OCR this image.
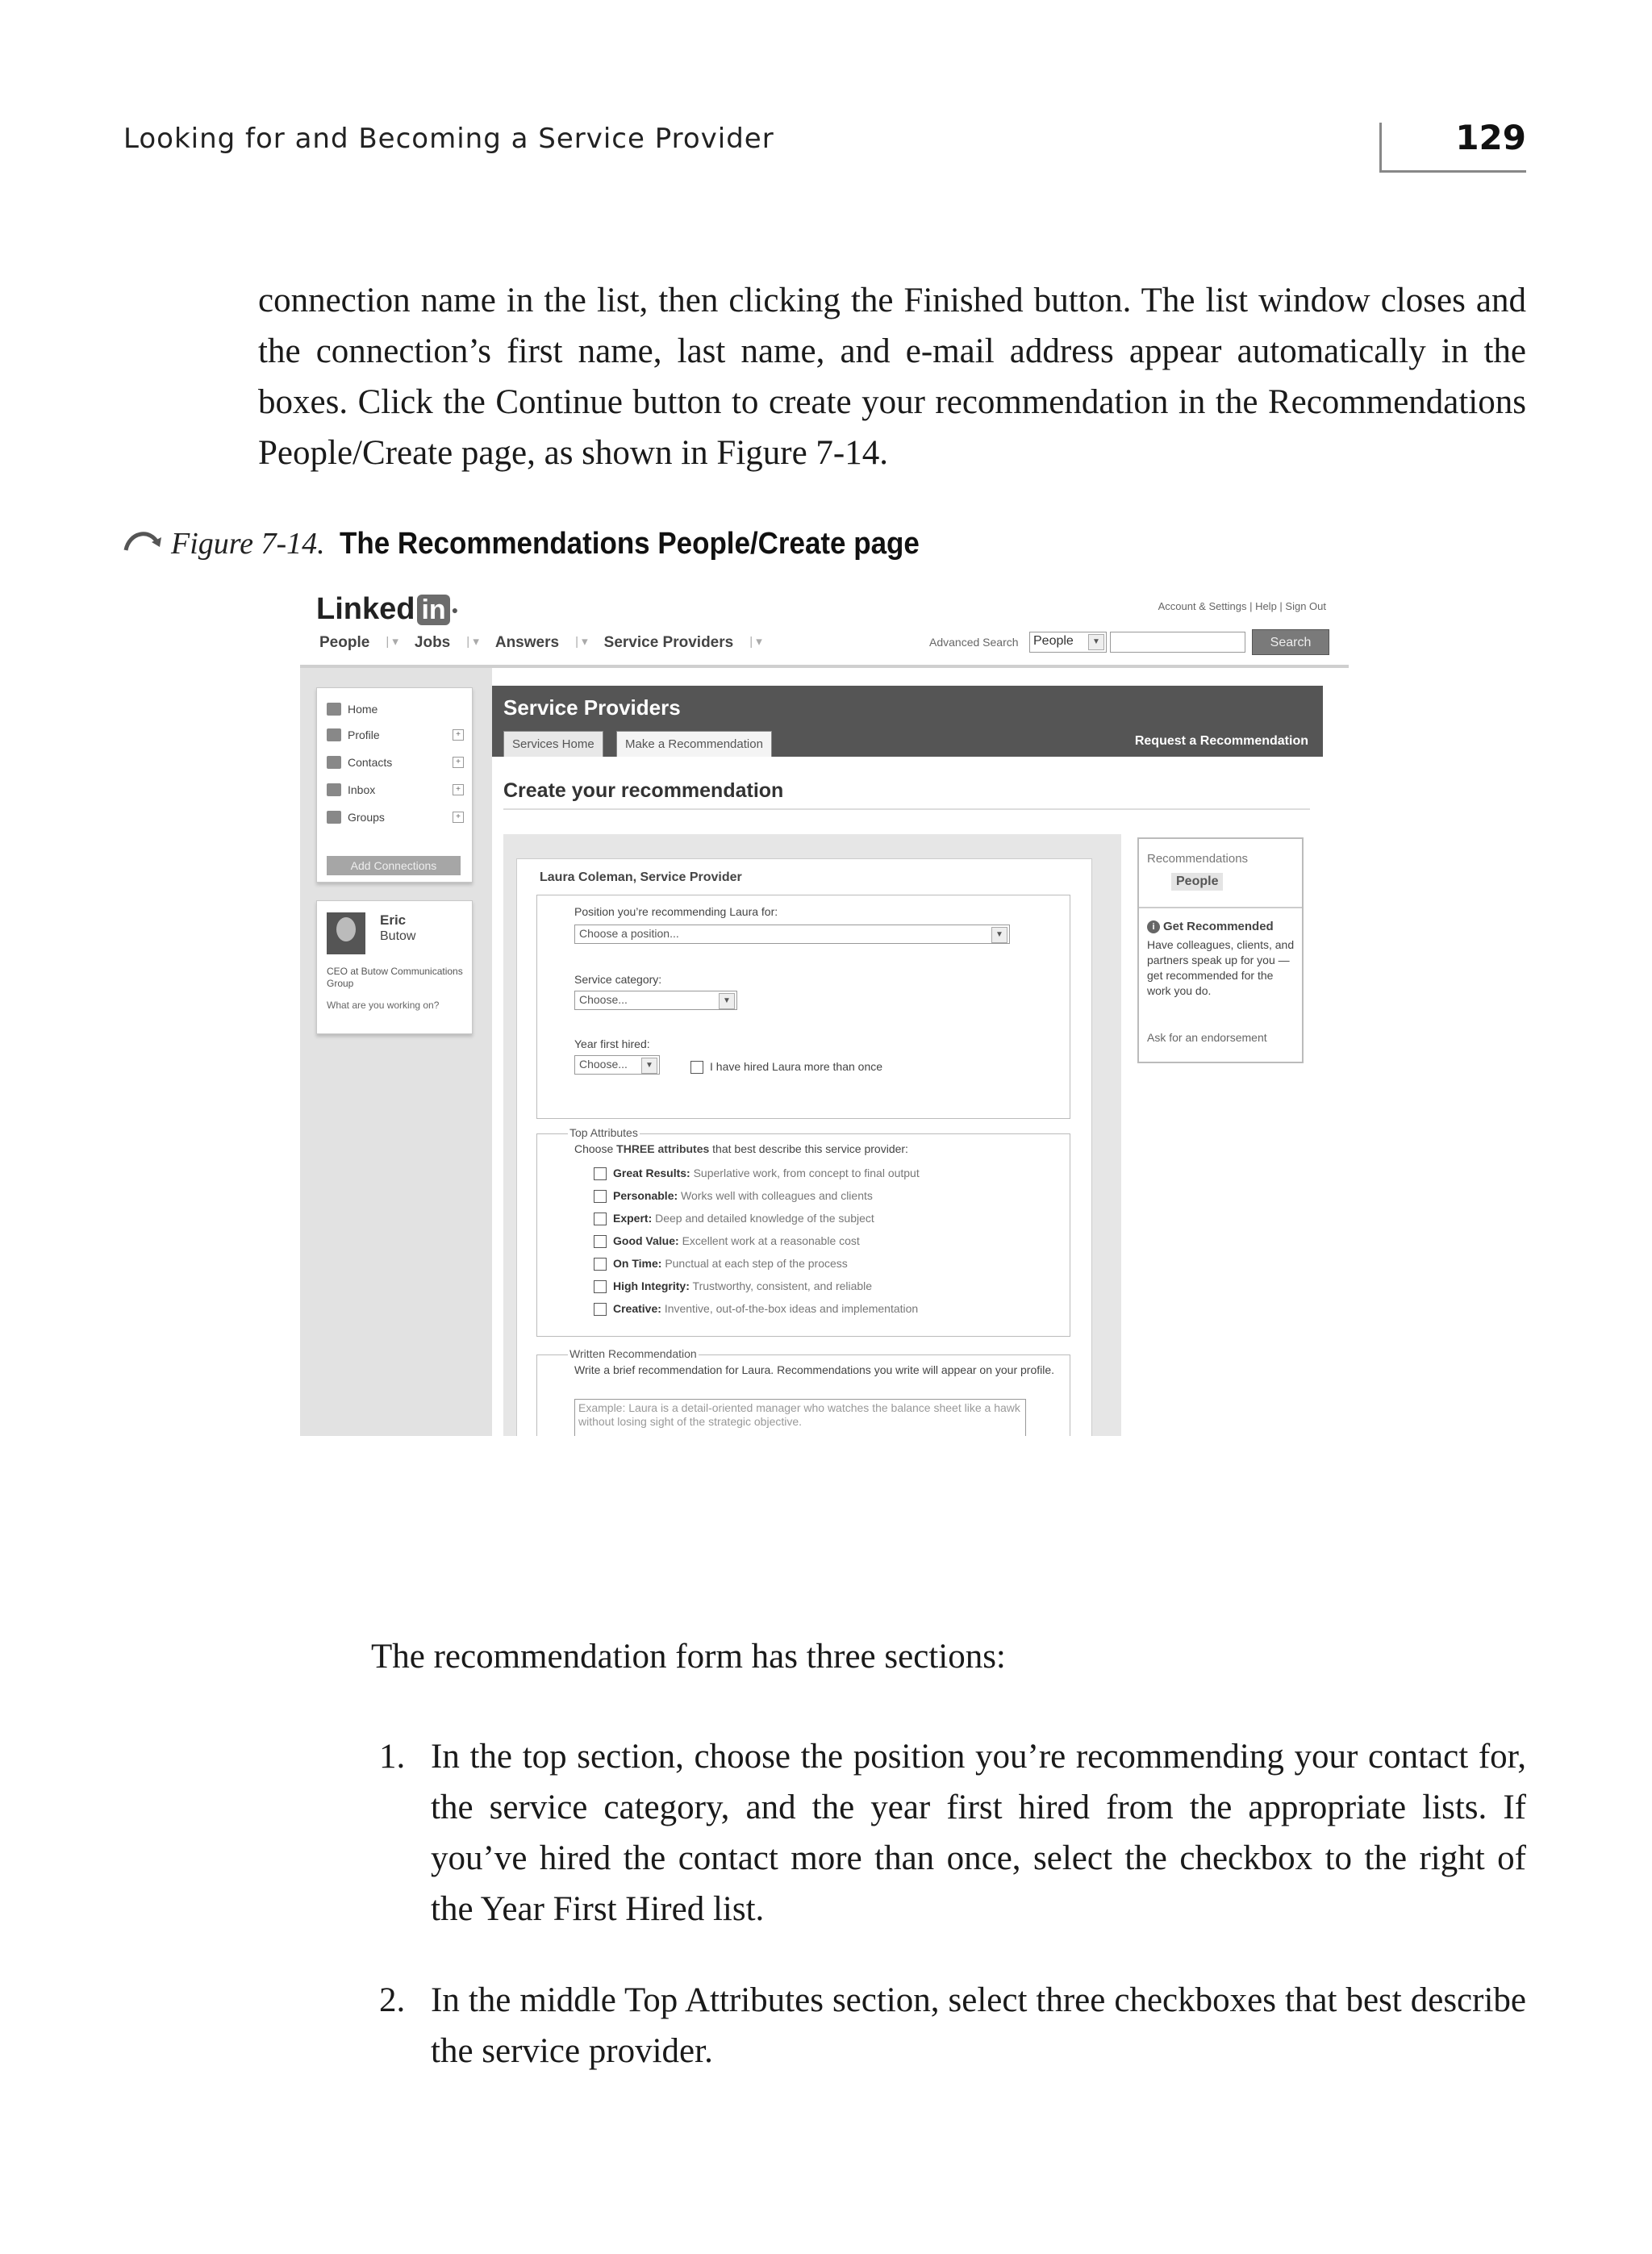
Looking for and Becoming a Service Provider	129

connection name in the list, then clicking the Finished button. The list window closes and the connection’s first name, last name, and e-mail address appear automatically in the boxes. Click the Continue button to create your recommendation in the Recommendations People/Create page, as shown in Figure 7-14.

Figure 7-14. The Recommendations People/Create page
Linked in ●	Account & Settings | Help | Sign Out
People | ▾ Jobs | ▾ Answers | ▾ Service Providers | ▾	Advanced Search	People	▼	Search
Home
Profile	+
Contacts	+
Inbox	+
Groups	+
Add Connections
Eric
Butow
CEO at Butow Communications Group
What are you working on?
Service Providers
Services Home	Make a Recommendation	Request a Recommendation
Create your recommendation
Laura Coleman, Service Provider
Position you’re recommending Laura for:
Choose a position...	▼
Service category:
Choose...	▼
Year first hired:
Choose...	▼	I have hired Laura more than once
Top Attributes
Choose THREE attributes that best describe this service provider:
Great Results: Superlative work, from concept to final output
Personable: Works well with colleagues and clients
Expert: Deep and detailed knowledge of the subject
Good Value: Excellent work at a reasonable cost
On Time: Punctual at each step of the process
High Integrity: Trustworthy, consistent, and reliable
Creative: Inventive, out-of-the-box ideas and implementation
Written Recommendation
Write a brief recommendation for Laura. Recommendations you write will appear on your profile.
Example: Laura is a detail-oriented manager who watches the balance sheet like a hawk without losing sight of the strategic objective.
Recommendations
People
i Get Recommended
Have colleagues, clients, and partners speak up for you — get recommended for the work you do.
Ask for an endorsement

The recommendation form has three sections:

1. In the top section, choose the position you’re recommending your contact for, the service category, and the year first hired from the appropriate lists. If you’ve hired the contact more than once, select the checkbox to the right of the Year First Hired list.
2. In the middle Top Attributes section, select three checkboxes that best describe the service provider.
